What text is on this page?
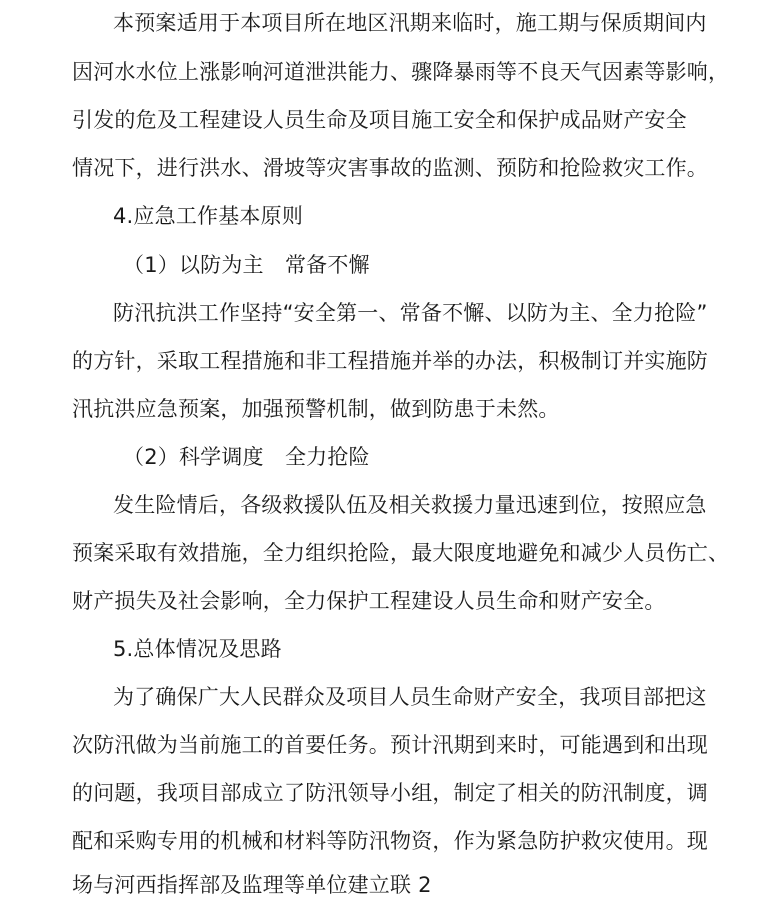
本预案适用于本项目所在地区汛期来临时，施工期与保质期间内
因河水水位上涨影响河道泄洪能力、骤降暴雨等不良天气因素等影响，
引发的危及工程建设人员生命及项目施工安全和保护成品财产安全
情况下，进行洪水、滑坡等灾害事故的监测、预防和抢险救灾工作。
4.应急工作基本原则
（1）以防为主　常备不懈
防汛抗洪工作坚持“安全第一、常备不懈、以防为主、全力抢险”
的方针，采取工程措施和非工程措施并举的办法，积极制订并实施防
汛抗洪应急预案，加强预警机制，做到防患于未然。
（2）科学调度　全力抢险
发生险情后，各级救援队伍及相关救援力量迅速到位，按照应急
预案采取有效措施，全力组织抢险，最大限度地避免和减少人员伤亡、
财产损失及社会影响，全力保护工程建设人员生命和财产安全。
5.总体情况及思路
为了确保广大人民群众及项目人员生命财产安全，我项目部把这
次防汛做为当前施工的首要任务。预计汛期到来时，可能遇到和出现
的问题，我项目部成立了防汛领导小组，制定了相关的防汛制度，调
配和采购专用的机械和材料等防汛物资，作为紧急防护救灾使用。现
场与河西指挥部及监理等单位建立联 2
